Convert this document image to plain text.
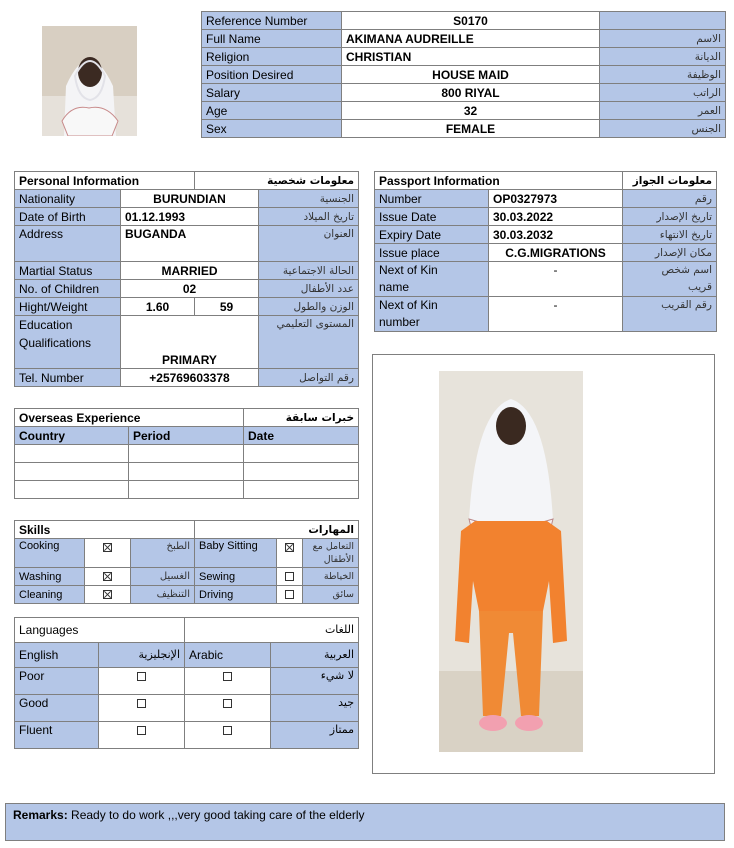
Reference Number	S0170	
Full Name	AKIMANA AUDREILLE	الاسم
Religion	CHRISTIAN	الديانة
Position Desired	HOUSE MAID	الوظيفة
Salary	800 RIYAL	الراتب
Age	32	العمر
Sex	FEMALE	الجنس
Personal Information		معلومات شخصية	
Nationality	BURUNDIAN		الجنسية
Date of Birth	01.12.1993		تاريخ الميلاد
Address	BUGANDA		العنوان
Martial Status	MARRIED		الحالة الاجتماعية
No. of Children	02		عدد الأطفال
Hight/Weight	1.60	59	الوزن والطول
Education
Qualifications	PRIMARY		المستوى التعليمي
Tel. Number	+25769603378		رقم التواصل
Passport Information		معلومات الجواز
Number	OP0327973	رقم
Issue Date	30.03.2022	تاريخ الإصدار
Expiry Date	30.03.2032	تاريخ الانتهاء
Issue place	C.G.MIGRATIONS	مكان الإصدار
Next of Kin
name	-	اسم شخص
قريب
Next of Kin
number	-	رقم القريب
Overseas Experience		خبرات سابقة
Country	Period	Date

Skills			المهارات		
Cooking		الطبخ	Baby Sitting		التعامل مع
الأطفال
Washing		الغسيل	Sewing		الخياطة
Cleaning		التنظيف	Driving		سائق
Languages		اللغات	
English	الإنجليزية	Arabic	العربية
Poor			لا شيء
Good			جيد
Fluent			ممتاز
Remarks: Ready to do work ,,,very good taking care of the elderly
